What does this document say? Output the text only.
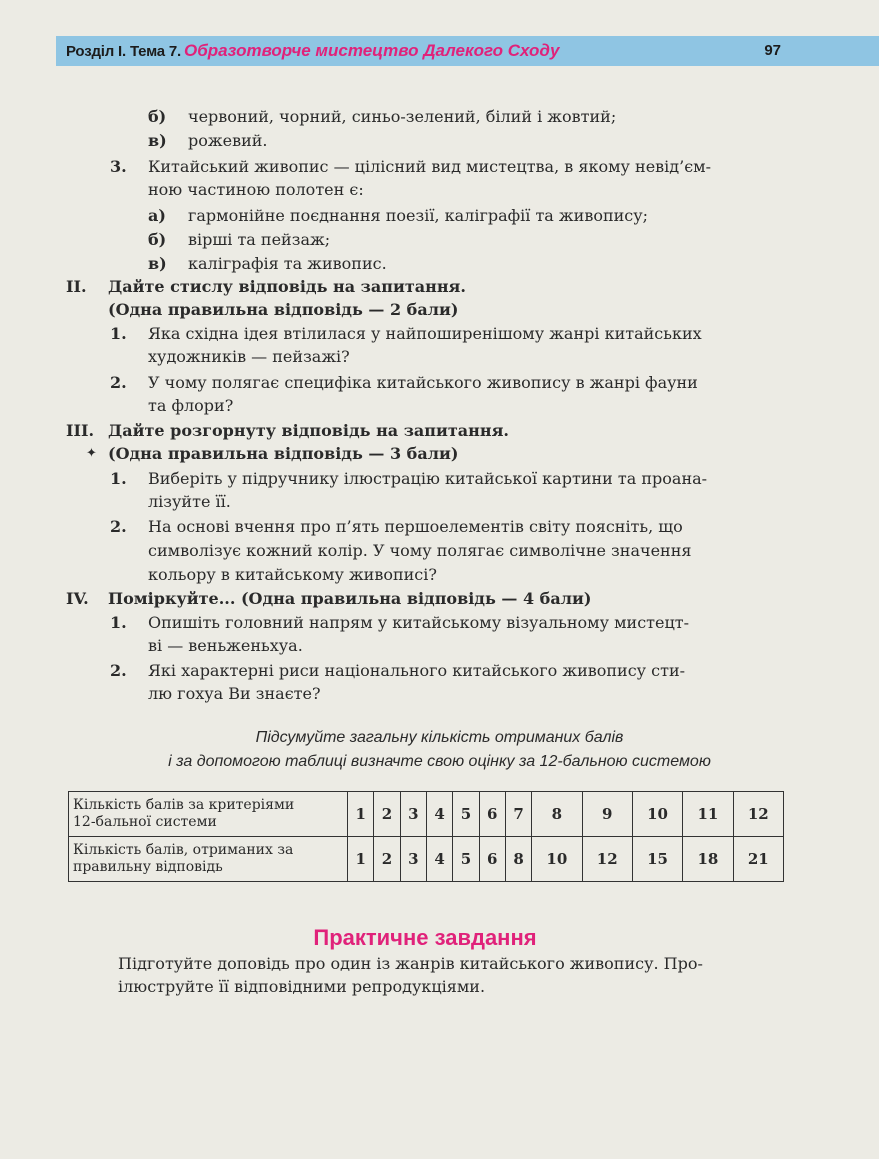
Розділ І. Тема 7. Образотворче мистецтво Далекого Сходу	97
б) червоний, чорний, синьо-зелений, білий і жовтий;
в) рожевий.
3. Китайський живопис — цілісний вид мистецтва, в якому невід’єм-
ною частиною полотен є:
а) гармонійне поєднання поезії, каліграфії та живопису;
б) вірші та пейзаж;
в) каліграфія та живопис.
II. Дайте стислу відповідь на запитання.
(Одна правильна відповідь — 2 бали)
1. Яка східна ідея втілилася у найпоширенішому жанрі китайських
художників — пейзажі?
2. У чому полягає специфіка китайського живопису в жанрі фауни
та флори?
III. Дайте розгорнуту відповідь на запитання.
(Одна правильна відповідь — 3 бали)
1. Виберіть у підручнику ілюстрацію китайської картини та проана-
лізуйте її.
2. На основі вчення про п’ять першоелементів світу поясніть, що
символізує кожний колір. У чому полягає символічне значення
кольору в китайському живописі?
IV. Поміркуйте... (Одна правильна відповідь — 4 бали)
1. Опишіть головний напрям у китайському візуальному мистецт-
ві — веньженьхуа.
2. Які характерні риси національного китайського живопису сти-
лю гохуа Ви знаєте?
✦
Підсумуйте загальну кількість отриманих балів
і за допомогою таблиці визначте свою оцінку за 12-бальною системою
Кількість балів за критеріями
12-бальної системи	1	2	3	4	5	6	7	8	9	10	11	12

Кількість балів, отриманих за
правильну відповідь	1	2	3	4	5	6	8	10	12	15	18	21
Практичне завдання
Підготуйте доповідь про один із жанрів китайського живопису. Про-
ілюструйте її відповідними репродукціями.
